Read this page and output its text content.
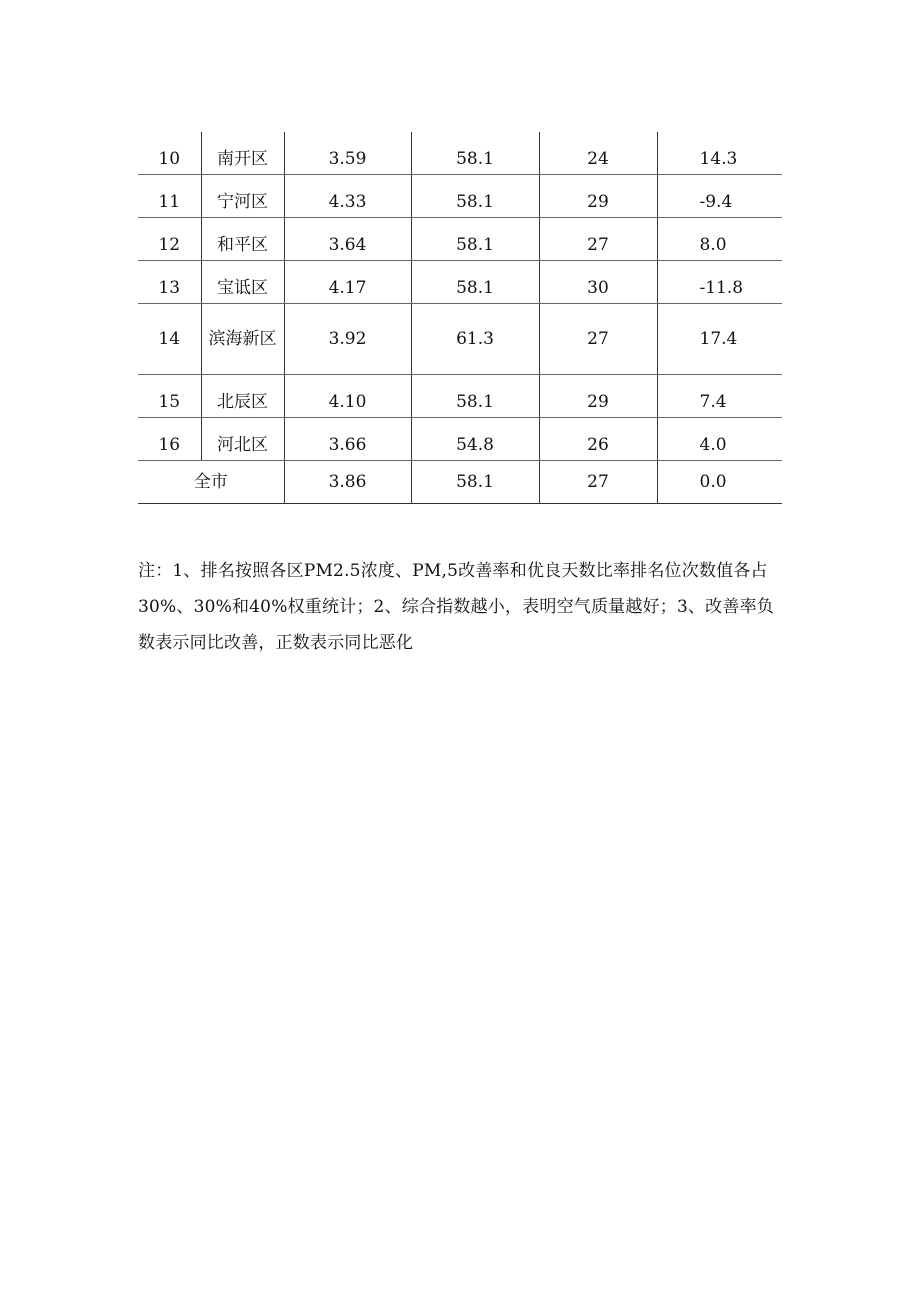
10	南开区	3.59	58.1	24	14.3
11	宁河区	4.33	58.1	29	-9.4
12	和平区	3.64	58.1	27	8.0
13	宝诋区	4.17	58.1	30	-11.8
14	滨海新区	3.92	61.3	27	17.4
15	北辰区	4.10	58.1	29	7.4
16	河北区	3.66	54.8	26	4.0
全市		3.86	58.1	27	0.0

注：1、排名按照各区PM2.5浓度、PM,5改善率和优良天数比率排名位次数值各占30%、30%和40%权重统计；2、综合指数越小，表明空气质量越好；3、改善率负数表示同比改善，正数表示同比恶化
